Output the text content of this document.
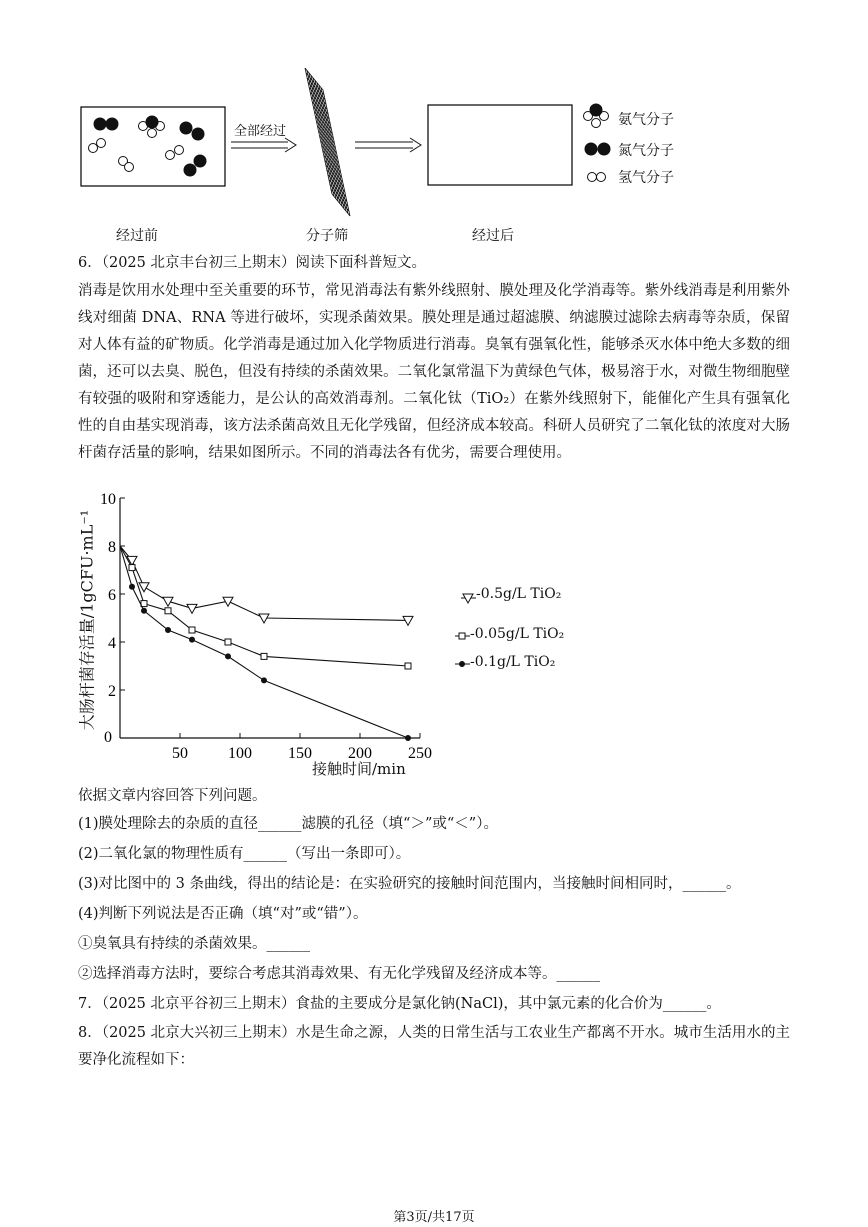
全部经过
经过前	分子筛	经过后
氨气分子
氮气分子
氢气分子
6．（2025 北京丰台初三上期末）阅读下面科普短文。
消毒是饮用水处理中至关重要的环节，常见消毒法有紫外线照射、膜处理及化学消毒等。紫外线消毒是利用紫外线对细菌 DNA、RNA 等进行破坏，实现杀菌效果。膜处理是通过超滤膜、纳滤膜过滤除去病毒等杂质，保留对人体有益的矿物质。化学消毒是通过加入化学物质进行消毒。臭氧有强氧化性，能够杀灭水体中绝大多数的细菌，还可以去臭、脱色，但没有持续的杀菌效果。二氧化氯常温下为黄绿色气体，极易溶于水，对微生物细胞壁有较强的吸附和穿透能力，是公认的高效消毒剂。二氧化钛（TiO₂）在紫外线照射下，能催化产生具有强氧化性的自由基实现消毒，该方法杀菌高效且无化学残留，但经济成本较高。科研人员研究了二氧化钛的浓度对大肠杆菌存活量的影响，结果如图所示。不同的消毒法各有优劣，需要合理使用。
2
4
6
8
10
50	100 150 200 250
0
大肠杆菌存活量/1gCFU·mL⁻¹
接触时间/min
-0.5g/L TiO₂
-0.05g/L TiO₂
-0.1g/L TiO₂
依据文章内容回答下列问题。
(1)膜处理除去的杂质的直径______滤膜的孔径（填“＞”或“＜”）。
(2)二氧化氯的物理性质有______（写出一条即可）。
(3)对比图中的 3 条曲线，得出的结论是：在实验研究的接触时间范围内，当接触时间相同时，______。
(4)判断下列说法是否正确（填“对”或“错”）。
①臭氧具有持续的杀菌效果。______
②选择消毒方法时，要综合考虑其消毒效果、有无化学残留及经济成本等。______
7．（2025 北京平谷初三上期末）食盐的主要成分是氯化钠(NaCl)，其中氯元素的化合价为______。
8．（2025 北京大兴初三上期末）水是生命之源，人类的日常生活与工农业生产都离不开水。城市生活用水的主要净化流程如下：
第3页/共17页
